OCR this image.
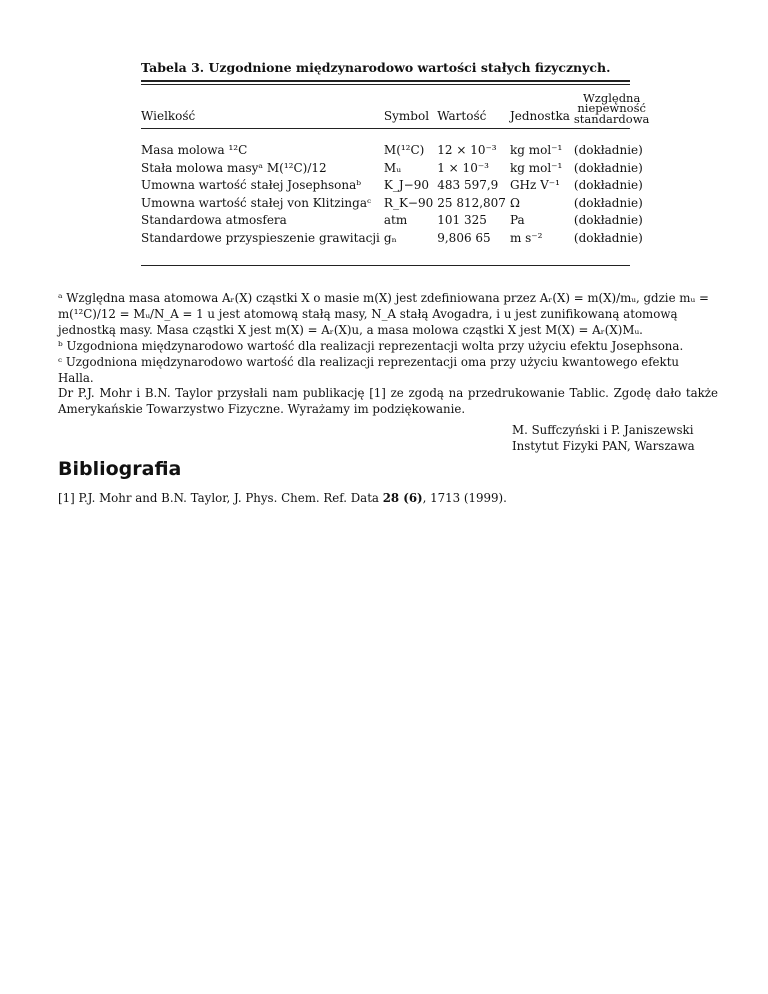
Tabela 3. Uzgodnione międzynarodowo wartości stałych fizycznych.
Wielkość	Symbol	Wartość	Jednostka	Względna
niepewność
standardowa

Masa molowa ¹²C	M(¹²C)	12 × 10⁻³	kg mol⁻¹	(dokładnie)
Stała molowa masyᵃ M(¹²C)/12	Mᵤ	1 × 10⁻³	kg mol⁻¹	(dokładnie)
Umowna wartość stałej Josephsonaᵇ	K_J−90	483 597,9	GHz V⁻¹	(dokładnie)
Umowna wartość stałej von Klitzingaᶜ	R_K−90	25 812,807	Ω	(dokładnie)
Standardowa atmosfera	atm	101 325	Pa	(dokładnie)
Standardowe przyspieszenie grawitacji	gₙ	9,806 65	m s⁻²	(dokładnie)

ᵃ Względna masa atomowa Aᵣ(X) cząstki X o masie m(X) jest zdefiniowana przez Aᵣ(X) = m(X)/mᵤ, gdzie mᵤ = m(¹²C)/12 = Mᵤ/N_A = 1 u jest atomową stałą masy, N_A stałą Avogadra, i u jest zunifikowaną atomową jednostką masy. Masa cząstki X jest m(X) = Aᵣ(X)u, a masa molowa cząstki X jest M(X) = Aᵣ(X)Mᵤ.

ᵇ Uzgodniona międzynarodowo wartość dla realizacji reprezentacji wolta przy użyciu efektu Josephsona.

ᶜ Uzgodniona międzynarodowo wartość dla realizacji reprezentacji oma przy użyciu kwantowego efektu Halla.

Dr P.J. Mohr i B.N. Taylor przysłali nam publikację [1] ze zgodą na przedrukowanie Tablic. Zgodę dało także Amerykańskie Towarzystwo Fizyczne. Wyrażamy im podziękowanie.
M. Suffczyński i P. Janiszewski
Instytut Fizyki PAN, Warszawa
Bibliografia
[1] P.J. Mohr and B.N. Taylor, J. Phys. Chem. Ref. Data 28 (6), 1713 (1999).
